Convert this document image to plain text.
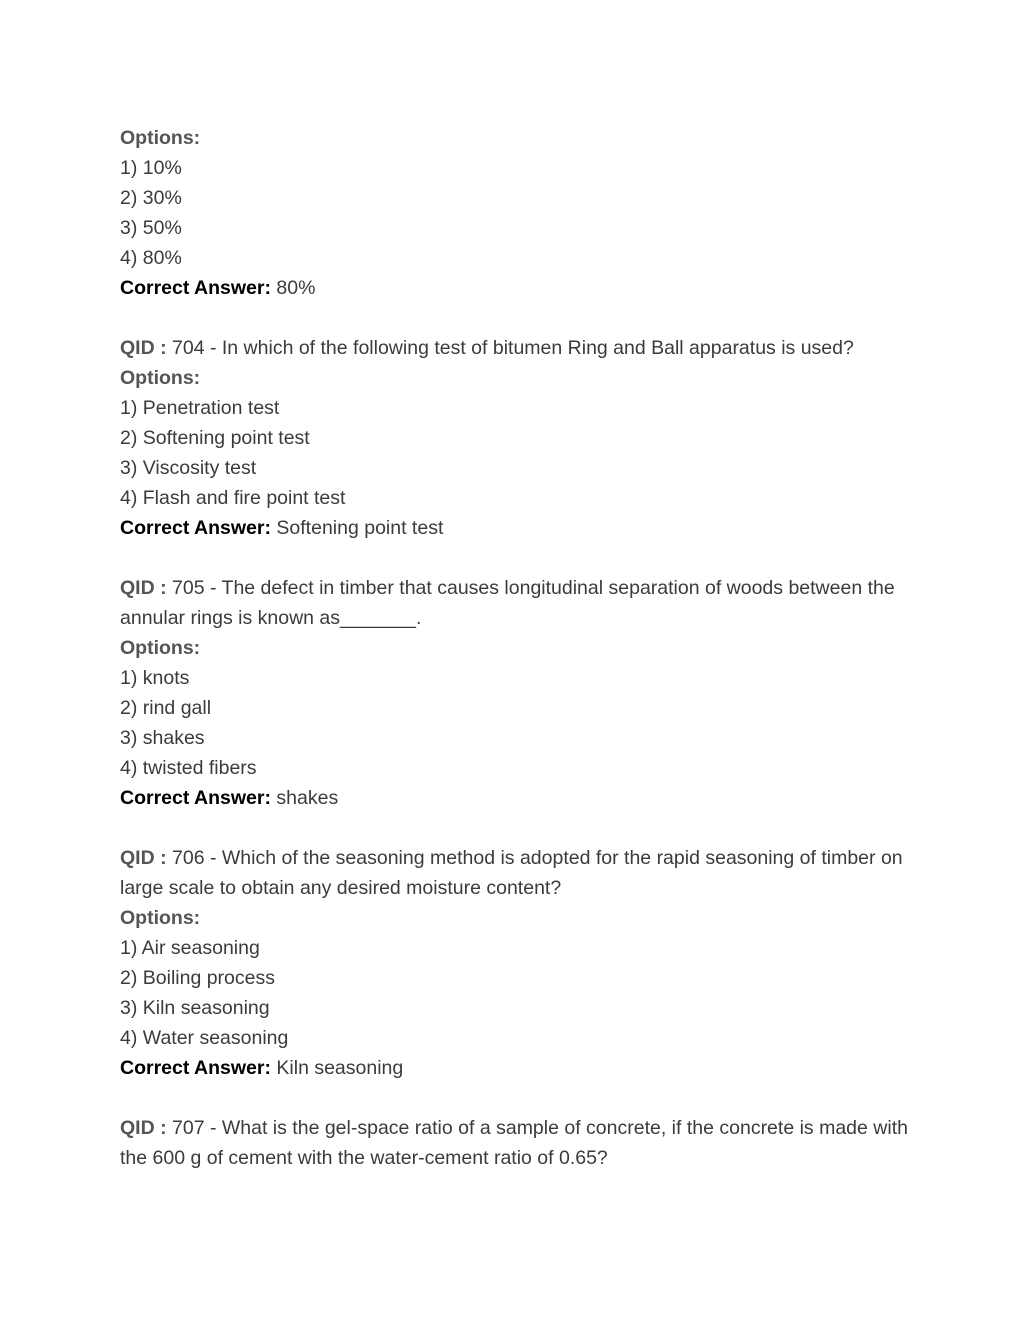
Options:
1) 10%
2) 30%
3) 50%
4) 80%
Correct Answer: 80%
QID : 704 - In which of the following test of bitumen Ring and Ball apparatus is used?
Options:
1) Penetration test
2) Softening point test
3) Viscosity test
4) Flash and fire point test
Correct Answer: Softening point test
QID : 705 - The defect in timber that causes longitudinal separation of woods between the annular rings is known as_______.
Options:
1) knots
2) rind gall
3) shakes
4) twisted fibers
Correct Answer: shakes
QID : 706 - Which of the seasoning method is adopted for the rapid seasoning of timber on large scale to obtain any desired moisture content?
Options:
1) Air seasoning
2) Boiling process
3) Kiln seasoning
4) Water seasoning
Correct Answer: Kiln seasoning
QID : 707 - What is the gel-space ratio of a sample of concrete, if the concrete is made with the 600 g of cement with the water-cement ratio of 0.65?
